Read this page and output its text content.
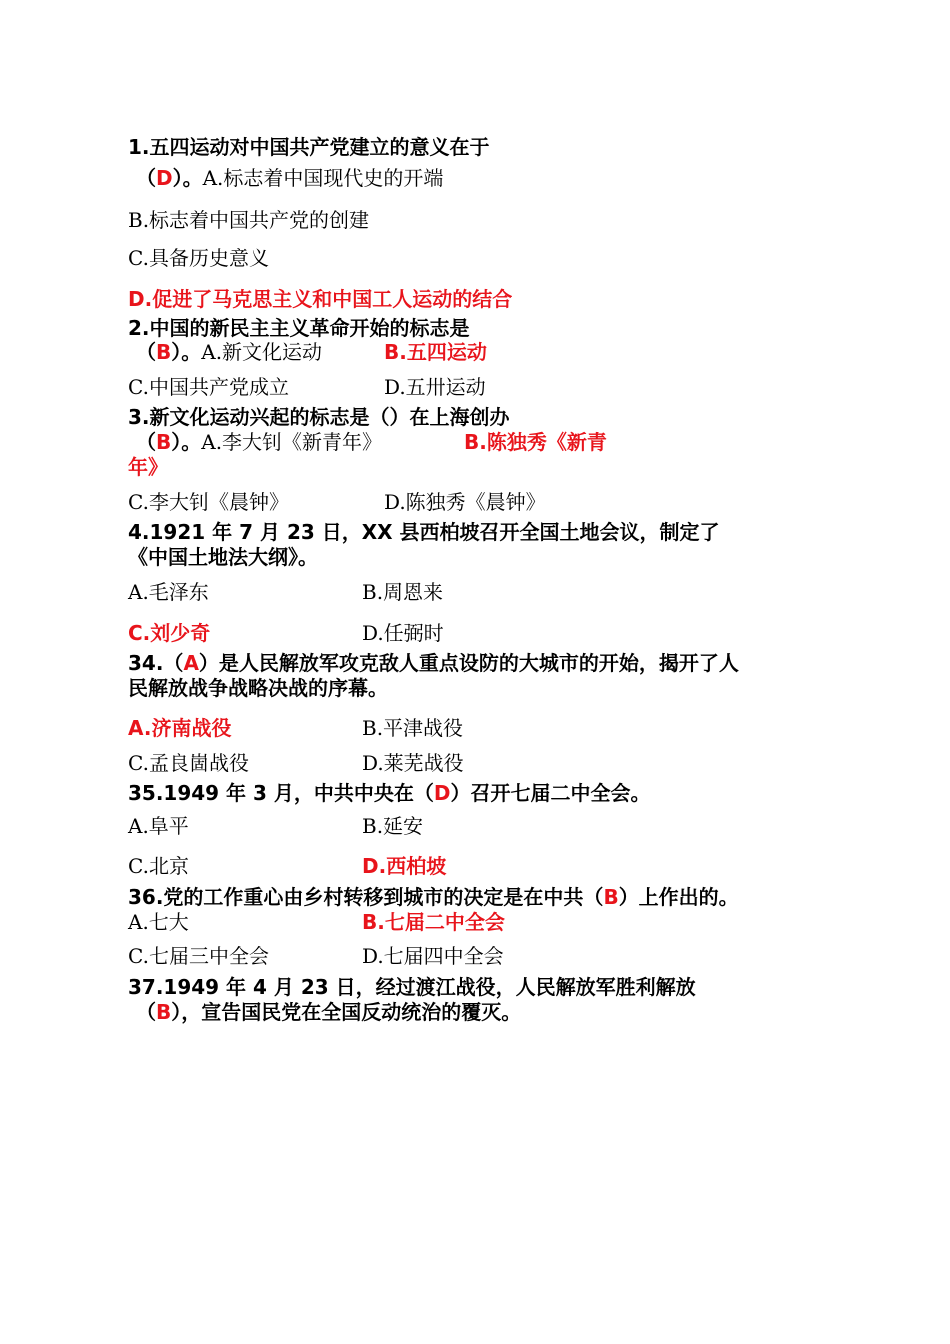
1.五四运动对中国共产党建立的意义在于
（D）。A.标志着中国现代史的开端
B.标志着中国共产党的创建
C.具备历史意义
D.促进了马克思主义和中国工人运动的结合
2.中国的新民主主义革命开始的标志是
（B）。A.新文化运动	B.五四运动
C.中国共产党成立	D.五卅运动
3.新文化运动兴起的标志是（）在上海创办
（B）。A.李大钊《新青年》	B.陈独秀《新青
年》
C.李大钊《晨钟》	D.陈独秀《晨钟》
4.1921 年 7 月 23 日，XX 县西柏坡召开全国土地会议，制定了
《中国土地法大纲》。
A.毛泽东	B.周恩来
C.刘少奇	D.任弼时
34.（A）是人民解放军攻克敌人重点设防的大城市的开始，揭开了人
民解放战争战略决战的序幕。
A.济南战役	B.平津战役
C.孟良崮战役	D.莱芜战役
35.1949 年 3 月，中共中央在（D）召开七届二中全会。
A.阜平	B.延安
C.北京	D.西柏坡
36.党的工作重心由乡村转移到城市的决定是在中共（B）上作出的。
A.七大	B.七届二中全会
C.七届三中全会	D.七届四中全会
37.1949 年 4 月 23 日，经过渡江战役，人民解放军胜利解放
（B），宣告国民党在全国反动统治的覆灭。
